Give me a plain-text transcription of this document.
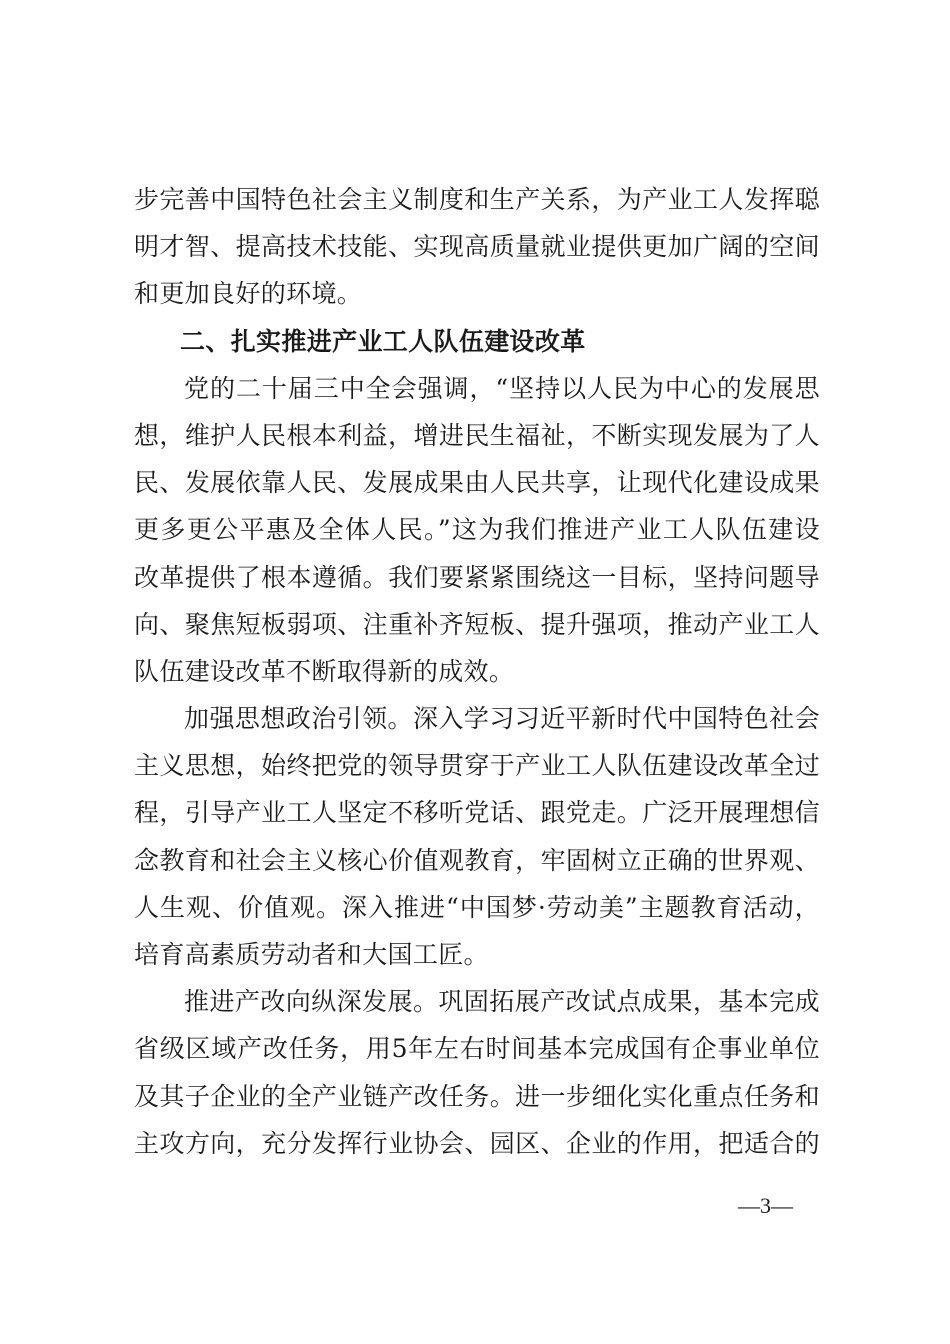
步完善中国特色社会主义制度和生产关系，为产业工人发挥聪
明才智、提高技术技能、实现高质量就业提供更加广阔的空间
和更加良好的环境。
二、扎实推进产业工人队伍建设改革
党的二十届三中全会强调，“坚持以人民为中心的发展思
想，维护人民根本利益，增进民生福祉，不断实现发展为了人
民、发展依靠人民、发展成果由人民共享，让现代化建设成果
更多更公平惠及全体人民。”这为我们推进产业工人队伍建设
改革提供了根本遵循。我们要紧紧围绕这一目标，坚持问题导
向、聚焦短板弱项、注重补齐短板、提升强项，推动产业工人
队伍建设改革不断取得新的成效。
加强思想政治引领。深入学习习近平新时代中国特色社会
主义思想，始终把党的领导贯穿于产业工人队伍建设改革全过
程，引导产业工人坚定不移听党话、跟党走。广泛开展理想信
念教育和社会主义核心价值观教育，牢固树立正确的世界观、
人生观、价值观。深入推进“中国梦·劳动美”主题教育活动，
培育高素质劳动者和大国工匠。
推进产改向纵深发展。巩固拓展产改试点成果，基本完成
省级区域产改任务，用5年左右时间基本完成国有企事业单位
及其子企业的全产业链产改任务。进一步细化实化重点任务和
主攻方向，充分发挥行业协会、园区、企业的作用，把适合的
—3—
